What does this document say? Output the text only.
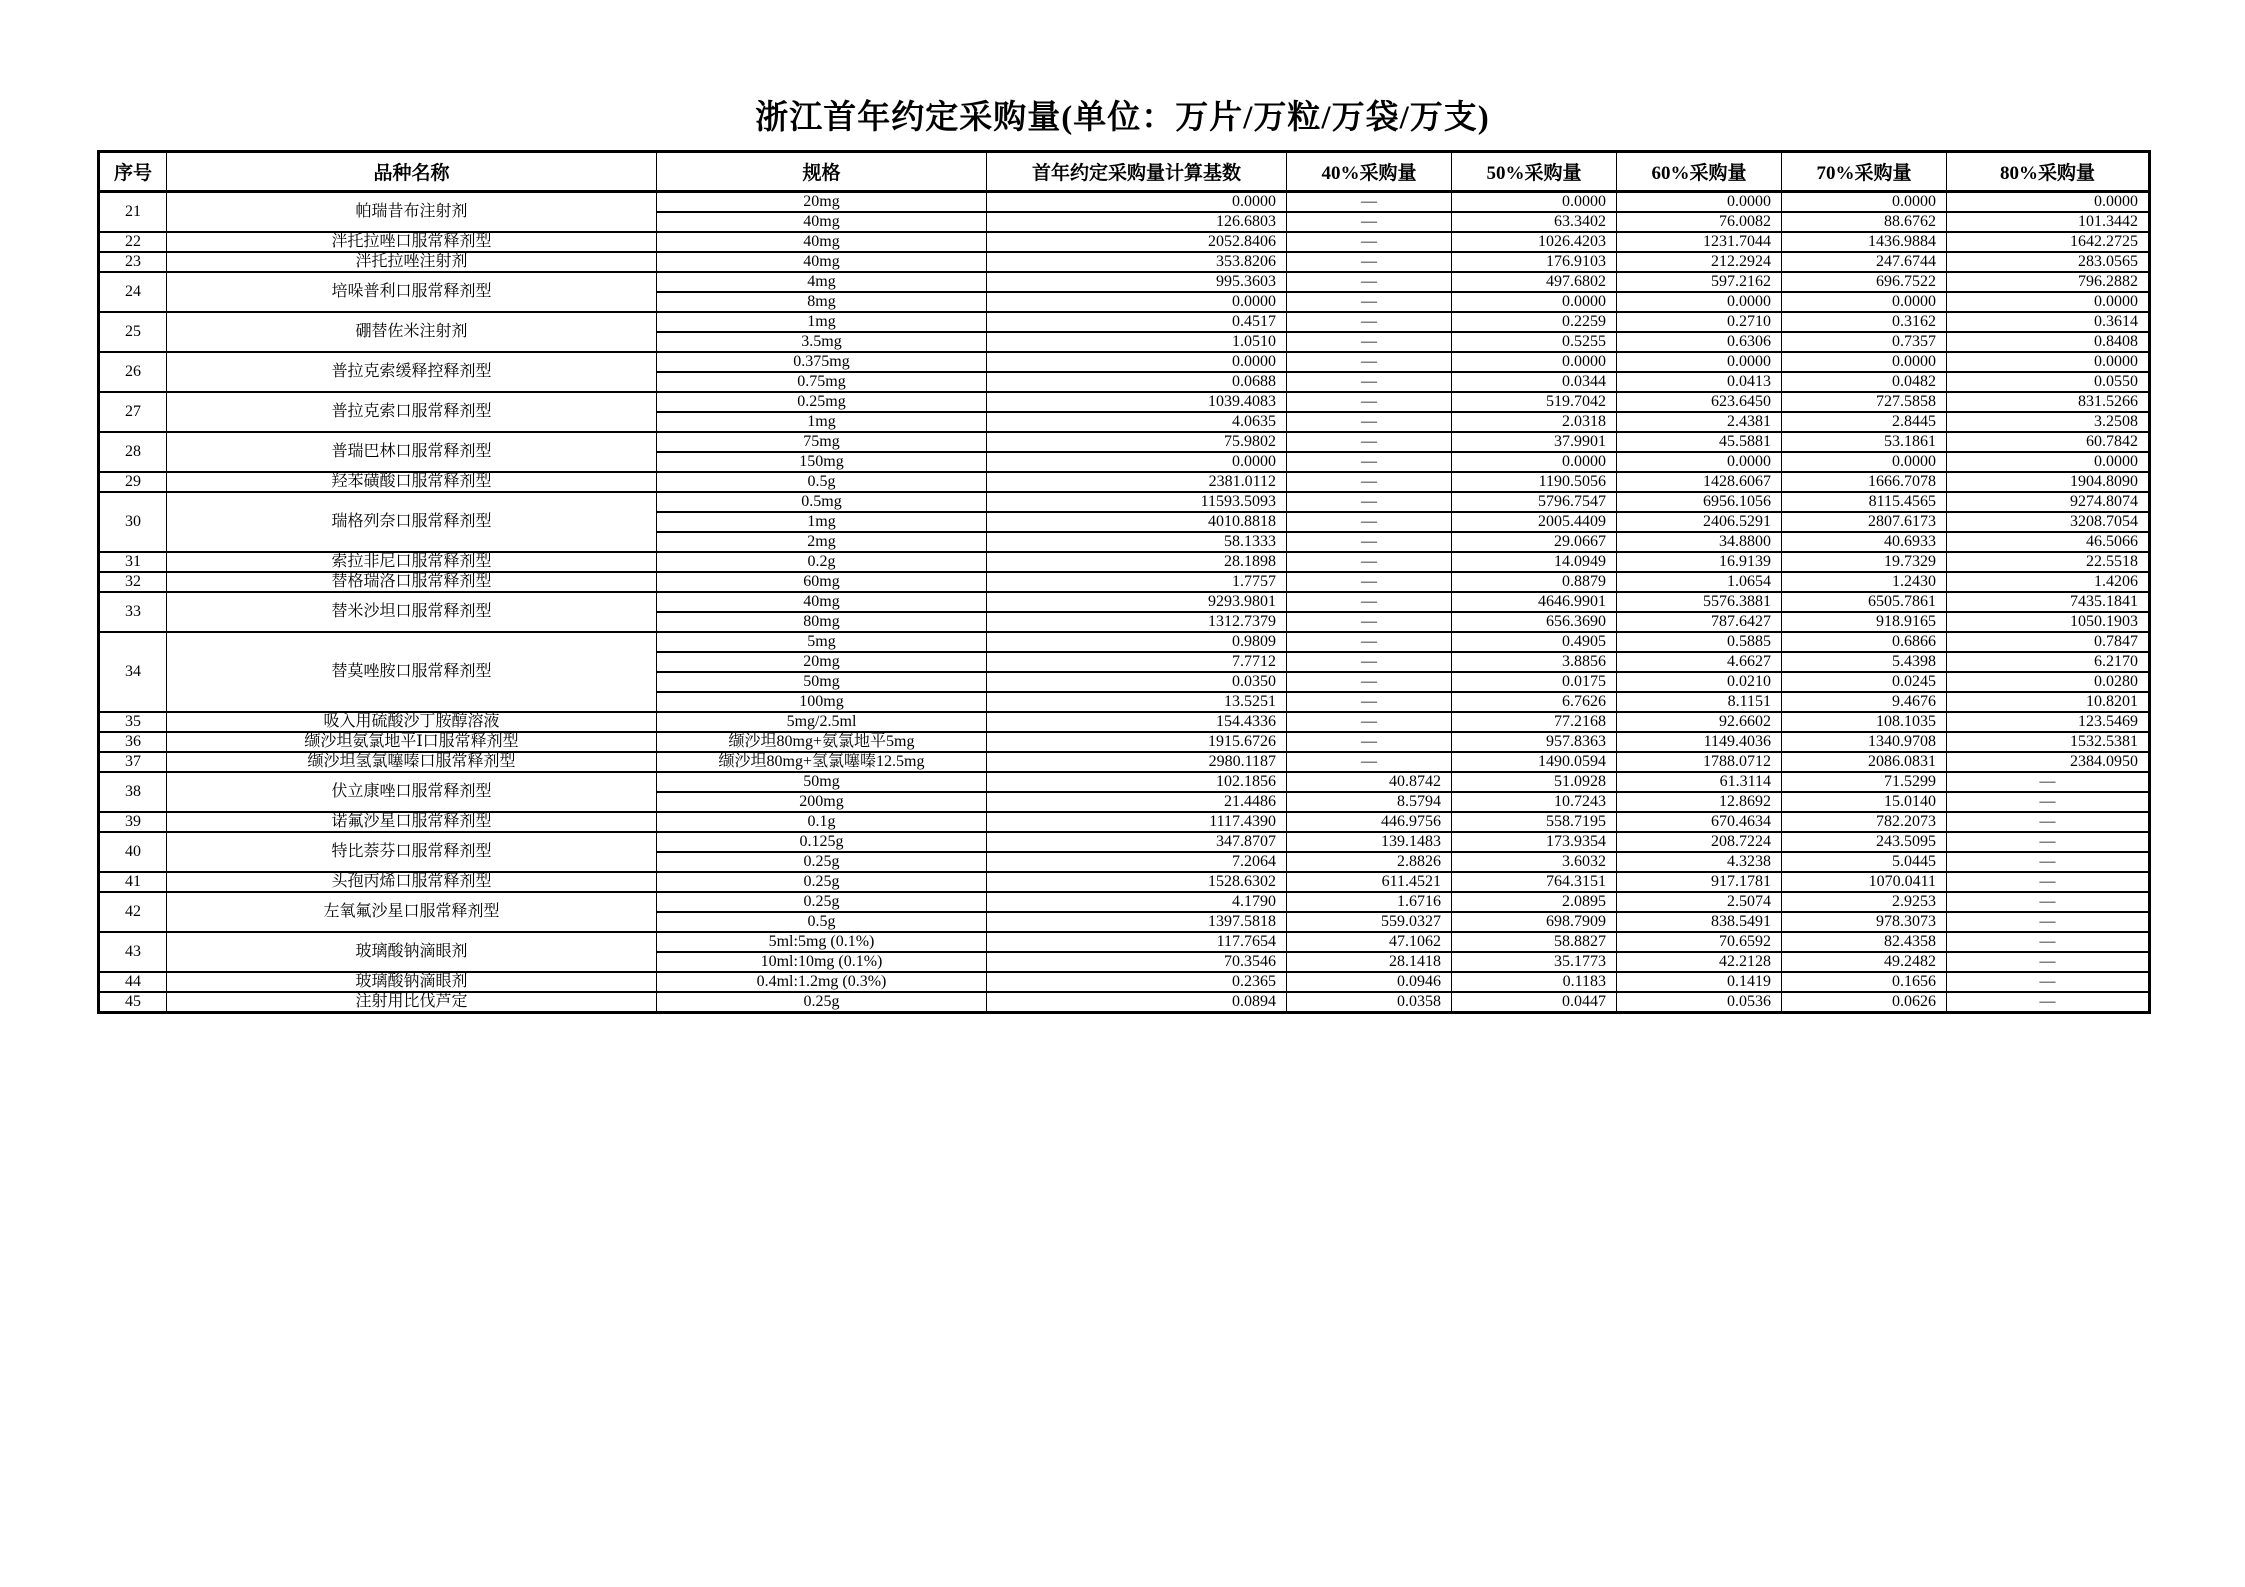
浙江首年约定采购量(单位：万片/万粒/万袋/万支)
序号	品种名称	规格	首年约定采购量计算基数	40%采购量	50%采购量	60%采购量	70%采购量	80%采购量
21	帕瑞昔布注射剂	20mg	0.0000	—	0.0000	0.0000	0.0000	0.0000
		40mg	126.6803	—	63.3402	76.0082	88.6762	101.3442
22	泮托拉唑口服常释剂型	40mg	2052.8406	—	1026.4203	1231.7044	1436.9884	1642.2725
23	泮托拉唑注射剂	40mg	353.8206	—	176.9103	212.2924	247.6744	283.0565
24	培哚普利口服常释剂型	4mg	995.3603	—	497.6802	597.2162	696.7522	796.2882
		8mg	0.0000	—	0.0000	0.0000	0.0000	0.0000
25	硼替佐米注射剂	1mg	0.4517	—	0.2259	0.2710	0.3162	0.3614
		3.5mg	1.0510	—	0.5255	0.6306	0.7357	0.8408
26	普拉克索缓释控释剂型	0.375mg	0.0000	—	0.0000	0.0000	0.0000	0.0000
		0.75mg	0.0688	—	0.0344	0.0413	0.0482	0.0550
27	普拉克索口服常释剂型	0.25mg	1039.4083	—	519.7042	623.6450	727.5858	831.5266
		1mg	4.0635	—	2.0318	2.4381	2.8445	3.2508
28	普瑞巴林口服常释剂型	75mg	75.9802	—	37.9901	45.5881	53.1861	60.7842
		150mg	0.0000	—	0.0000	0.0000	0.0000	0.0000
29	羟苯磺酸口服常释剂型	0.5g	2381.0112	—	1190.5056	1428.6067	1666.7078	1904.8090
30	瑞格列奈口服常释剂型	0.5mg	11593.5093	—	5796.7547	6956.1056	8115.4565	9274.8074
		1mg	4010.8818	—	2005.4409	2406.5291	2807.6173	3208.7054
		2mg	58.1333	—	29.0667	34.8800	40.6933	46.5066
31	索拉非尼口服常释剂型	0.2g	28.1898	—	14.0949	16.9139	19.7329	22.5518
32	替格瑞洛口服常释剂型	60mg	1.7757	—	0.8879	1.0654	1.2430	1.4206
33	替米沙坦口服常释剂型	40mg	9293.9801	—	4646.9901	5576.3881	6505.7861	7435.1841
		80mg	1312.7379	—	656.3690	787.6427	918.9165	1050.1903
34	替莫唑胺口服常释剂型	5mg	0.9809	—	0.4905	0.5885	0.6866	0.7847
		20mg	7.7712	—	3.8856	4.6627	5.4398	6.2170
		50mg	0.0350	—	0.0175	0.0210	0.0245	0.0280
		100mg	13.5251	—	6.7626	8.1151	9.4676	10.8201
35	吸入用硫酸沙丁胺醇溶液	5mg/2.5ml	154.4336	—	77.2168	92.6602	108.1035	123.5469
36	缬沙坦氨氯地平Ⅰ口服常释剂型	缬沙坦80mg+氨氯地平5mg	1915.6726	—	957.8363	1149.4036	1340.9708	1532.5381
37	缬沙坦氢氯噻嗪口服常释剂型	缬沙坦80mg+氢氯噻嗪12.5mg	2980.1187	—	1490.0594	1788.0712	2086.0831	2384.0950
38	伏立康唑口服常释剂型	50mg	102.1856	40.8742	51.0928	61.3114	71.5299	—
		200mg	21.4486	8.5794	10.7243	12.8692	15.0140	—
39	诺氟沙星口服常释剂型	0.1g	1117.4390	446.9756	558.7195	670.4634	782.2073	—
40	特比萘芬口服常释剂型	0.125g	347.8707	139.1483	173.9354	208.7224	243.5095	—
		0.25g	7.2064	2.8826	3.6032	4.3238	5.0445	—
41	头孢丙烯口服常释剂型	0.25g	1528.6302	611.4521	764.3151	917.1781	1070.0411	—
42	左氧氟沙星口服常释剂型	0.25g	4.1790	1.6716	2.0895	2.5074	2.9253	—
		0.5g	1397.5818	559.0327	698.7909	838.5491	978.3073	—
43	玻璃酸钠滴眼剂	5ml:5mg (0.1%)	117.7654	47.1062	58.8827	70.6592	82.4358	—
		10ml:10mg (0.1%)	70.3546	28.1418	35.1773	42.2128	49.2482	—
44	玻璃酸钠滴眼剂	0.4ml:1.2mg (0.3%)	0.2365	0.0946	0.1183	0.1419	0.1656	—
45	注射用比伐芦定	0.25g	0.0894	0.0358	0.0447	0.0536	0.0626	—
